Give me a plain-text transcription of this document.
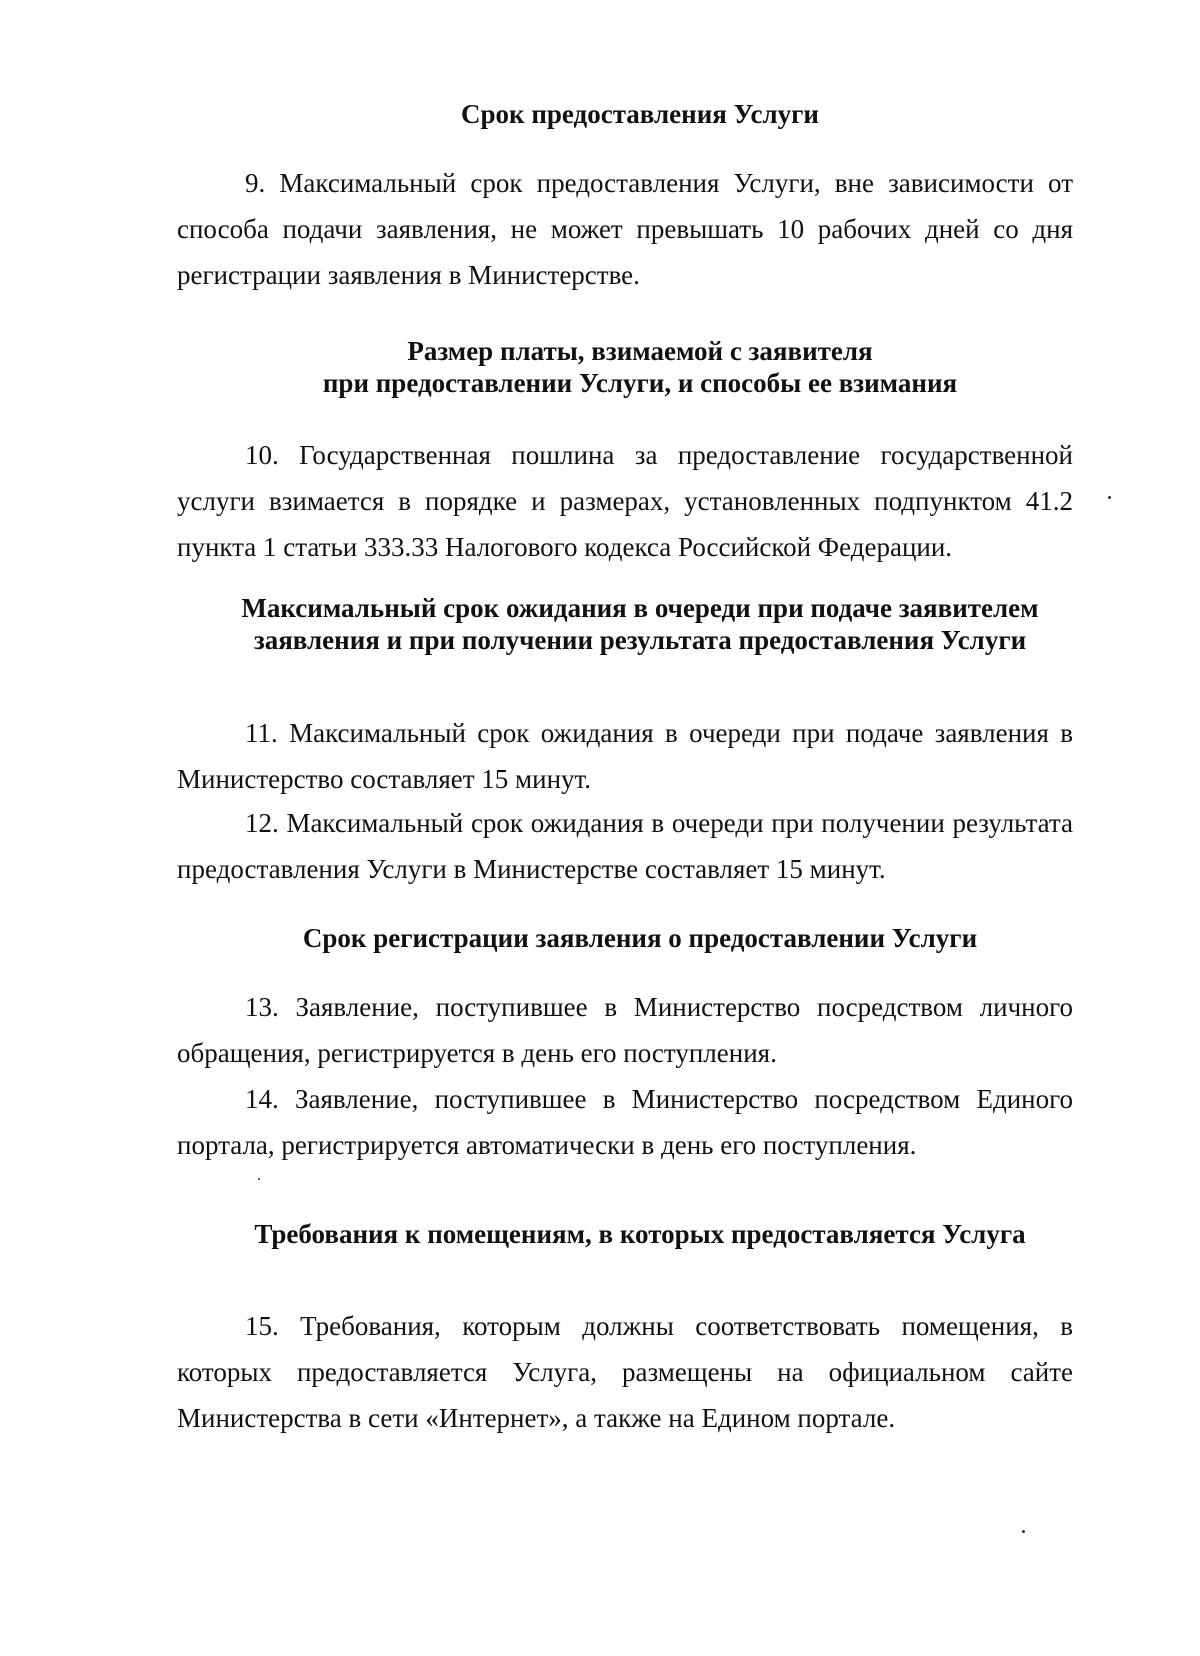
Срок предоставления Услуги

9. Максимальный срок предоставления Услуги, вне зависимости от способа подачи заявления, не может превышать 10 рабочих дней со дня регистрации заявления в Министерстве.

Размер платы, взимаемой с заявителя
при предоставлении Услуги, и способы ее взимания

10. Государственная пошлина за предоставление государственной услуги взимается в порядке и размерах, установленных подпунктом 41.2 пункта 1 статьи 333.33 Налогового кодекса Российской Федерации.

Максимальный срок ожидания в очереди при подаче заявителем
заявления и при получении результата предоставления Услуги

11. Максимальный срок ожидания в очереди при подаче заявления в Министерство составляет 15 минут.

12. Максимальный срок ожидания в очереди при получении результата предоставления Услуги в Министерстве составляет 15 минут.

Срок регистрации заявления о предоставлении Услуги

13. Заявление, поступившее в Министерство посредством личного обращения, регистрируется в день его поступления.

14. Заявление, поступившее в Министерство посредством Единого портала, регистрируется автоматически в день его поступления.

Требования к помещениям, в которых предоставляется Услуга

15. Требования, которым должны соответствовать помещения, в которых предоставляется Услуга, размещены на официальном сайте Министерства в сети «Интернет», а также на Едином портале.
